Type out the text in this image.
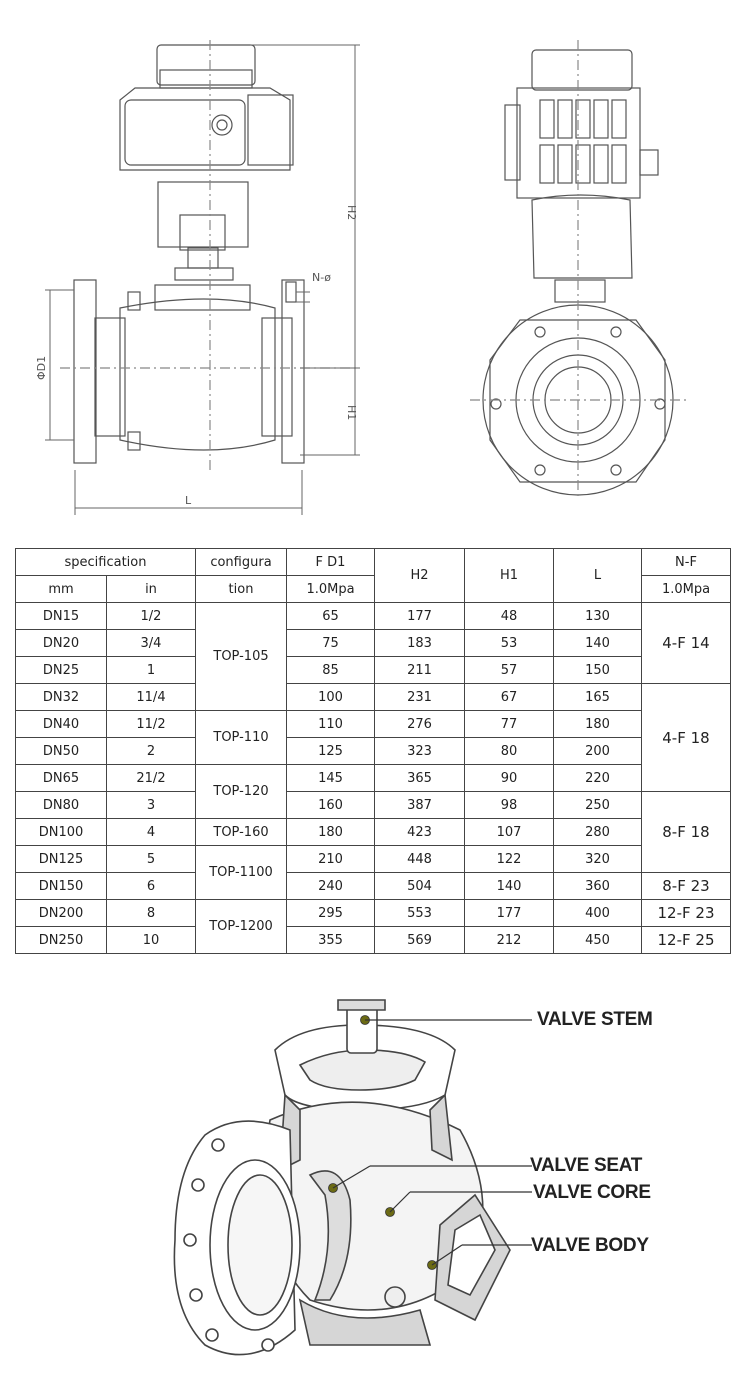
N-ø
H2
H1
ΦD1
L
specification		configura	F D1	H2	H1	L	N-F
mm	in	tion	1.0Mpa				1.0Mpa
DN15	1/2	TOP-105	65	177	48	130	4-F 14
DN20	3/4		75	183	53	140	
DN25	1		85	211	57	150	
DN32	11/4		100	231	67	165	4-F 18
DN40	11/2	TOP-110	110	276	77	180	
DN50	2		125	323	80	200	
DN65	21/2	TOP-120	145	365	90	220	
DN80	3		160	387	98	250	8-F 18
DN100	4	TOP-160	180	423	107	280	
DN125	5	TOP-1100	210	448	122	320	
DN150	6		240	504	140	360	8-F 23
DN200	8	TOP-1200	295	553	177	400	12-F 23
DN250	10		355	569	212	450	12-F 25
VALVE STEM
VALVE SEAT
VALVE CORE
VALVE BODY
